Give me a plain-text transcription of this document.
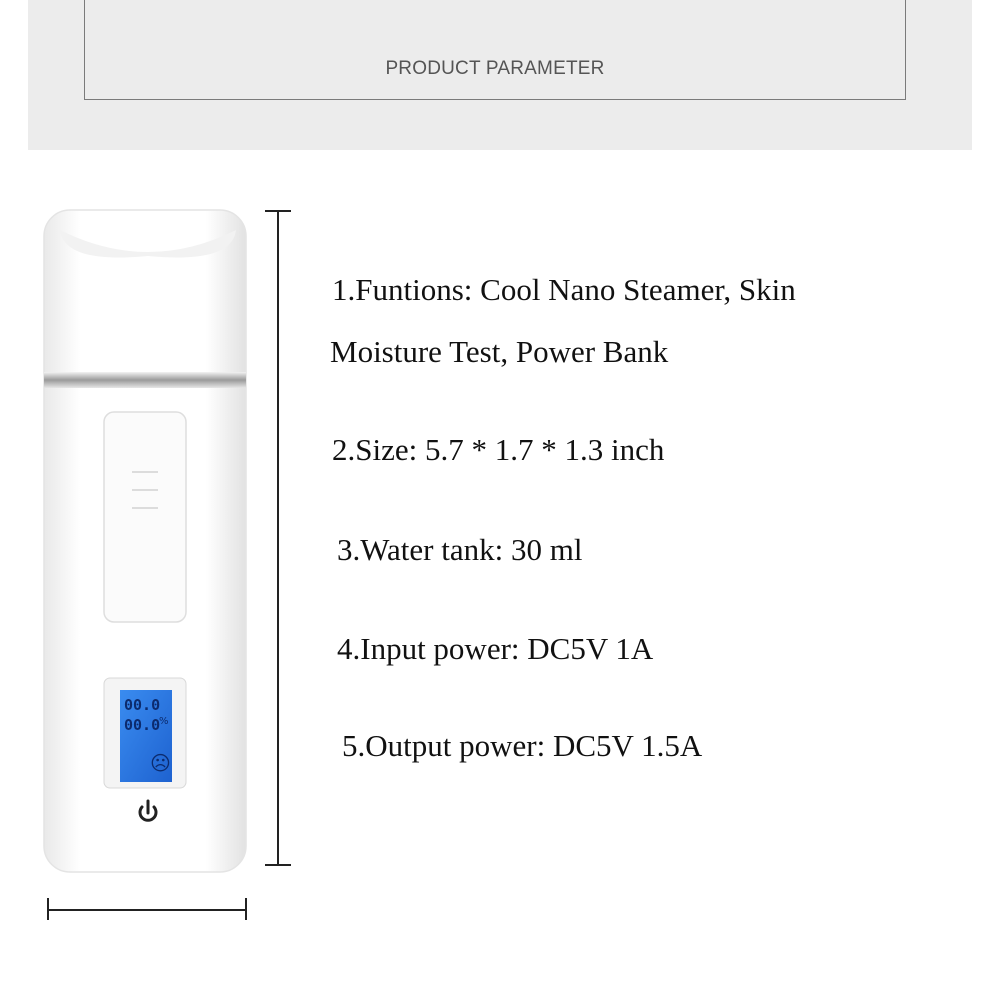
PRODUCT PARAMETER
00.0
00.0
%
☹
1.Funtions: Cool Nano Steamer, Skin
Moisture Test, Power Bank
2.Size: 5.7 * 1.7 * 1.3 inch
3.Water tank: 30 ml
4.Input power: DC5V 1A
5.Output power: DC5V 1.5A
